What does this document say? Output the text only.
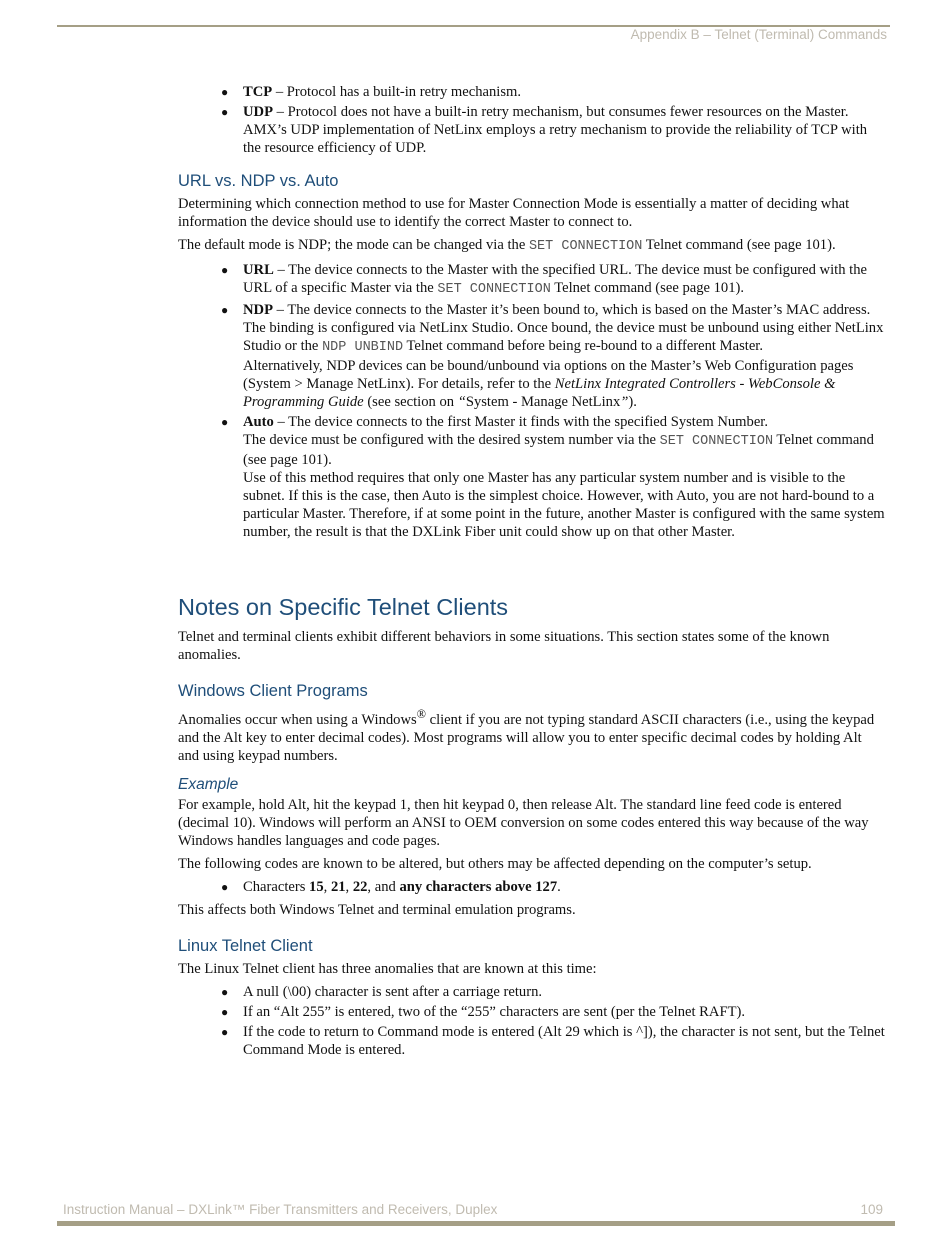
Appendix B – Telnet (Terminal) Commands
● TCP – Protocol has a built-in retry mechanism.
● UDP – Protocol does not have a built-in retry mechanism, but consumes fewer resources on the Master. AMX’s UDP implementation of NetLinx employs a retry mechanism to provide the reliability of TCP with the resource efficiency of UDP.
URL vs. NDP vs. Auto

Determining which connection method to use for Master Connection Mode is essentially a matter of deciding what information the device should use to identify the correct Master to connect to.

The default mode is NDP; the mode can be changed via the SET CONNECTION Telnet command (see page 101).

● URL – The device connects to the Master with the specified URL. The device must be configured with the URL of a specific Master via the SET CONNECTION Telnet command (see page 101).

● NDP – The device connects to the Master it’s been bound to, which is based on the Master’s MAC address. The binding is configured via NetLinx Studio. Once bound, the device must be unbound using either NetLinx Studio or the NDP UNBIND Telnet command before being re-bound to a different Master.

Alternatively, NDP devices can be bound/unbound via options on the Master’s Web Configuration pages (System > Manage NetLinx). For details, refer to the NetLinx Integrated Controllers - WebConsole & Programming Guide (see section on “System - Manage NetLinx”).

● Auto – The device connects to the first Master it finds with the specified System Number.

The device must be configured with the desired system number via the SET CONNECTION Telnet command (see page 101).

Use of this method requires that only one Master has any particular system number and is visible to the subnet. If this is the case, then Auto is the simplest choice. However, with Auto, you are not hard-bound to a particular Master. Therefore, if at some point in the future, another Master is configured with the same system number, the result is that the DXLink Fiber unit could show up on that other Master.

Notes on Specific Telnet Clients

Telnet and terminal clients exhibit different behaviors in some situations. This section states some of the known anomalies.

Windows Client Programs

Anomalies occur when using a Windows® client if you are not typing standard ASCII characters (i.e., using the keypad and the Alt key to enter decimal codes). Most programs will allow you to enter specific decimal codes by holding Alt and using keypad numbers.

Example

For example, hold Alt, hit the keypad 1, then hit keypad 0, then release Alt. The standard line feed code is entered (decimal 10). Windows will perform an ANSI to OEM conversion on some codes entered this way because of the way Windows handles languages and code pages.

The following codes are known to be altered, but others may be affected depending on the computer’s setup.

● Characters 15, 21, 22, and any characters above 127.

This affects both Windows Telnet and terminal emulation programs.

Linux Telnet Client

The Linux Telnet client has three anomalies that are known at this time:

● A null (\00) character is sent after a carriage return.
● If an “Alt 255” is entered, two of the “255” characters are sent (per the Telnet RAFT).
● If the code to return to Command mode is entered (Alt 29 which is ^]), the character is not sent, but the Telnet Command Mode is entered.
Instruction Manual – DXLink™ Fiber Transmitters and Receivers, Duplex	109
